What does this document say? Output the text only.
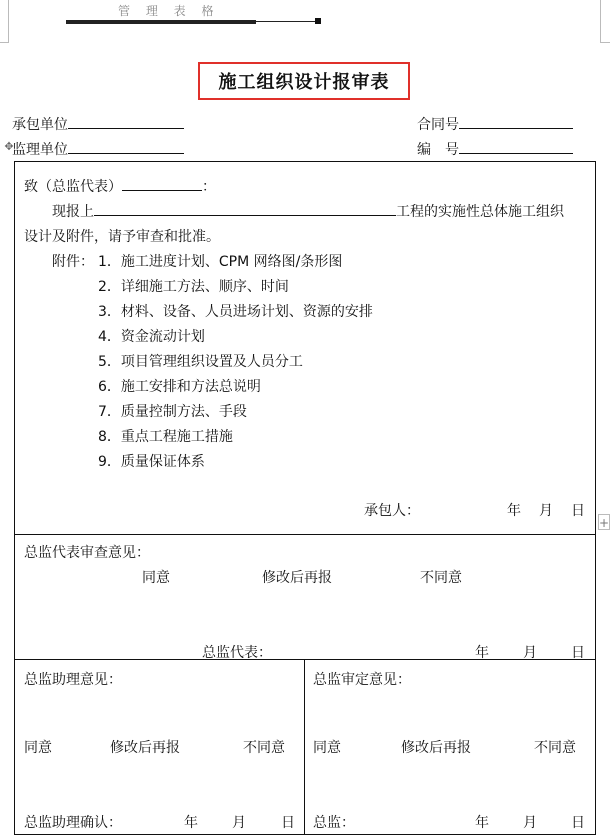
管 理 表 格
施工组织设计报审表
承包单位	合同号
监理单位	编　号
✥
+
致（总监代表）	：
现报上	工程的实施性总体施工组织
设计及附件，请予审查和批准。
附件： 1．施工进度计划、CPM 网络图/条形图
2．详细施工方法、顺序、时间
3．材料、设备、人员进场计划、资源的安排
4．资金流动计划
5．项目管理组织设置及人员分工
6．施工安排和方法总说明
7．质量控制方法、手段
8．重点工程施工措施
9．质量保证体系
承包人：	年 月 日
总监代表审查意见：
同意	修改后再报	不同意
总监代表：	年 月 日
总监助理意见：
同意	修改后再报	不同意
总监助理确认：	年 月	日
总监审定意见：
同意	修改后再报	不同意
总监：	年 月 日
